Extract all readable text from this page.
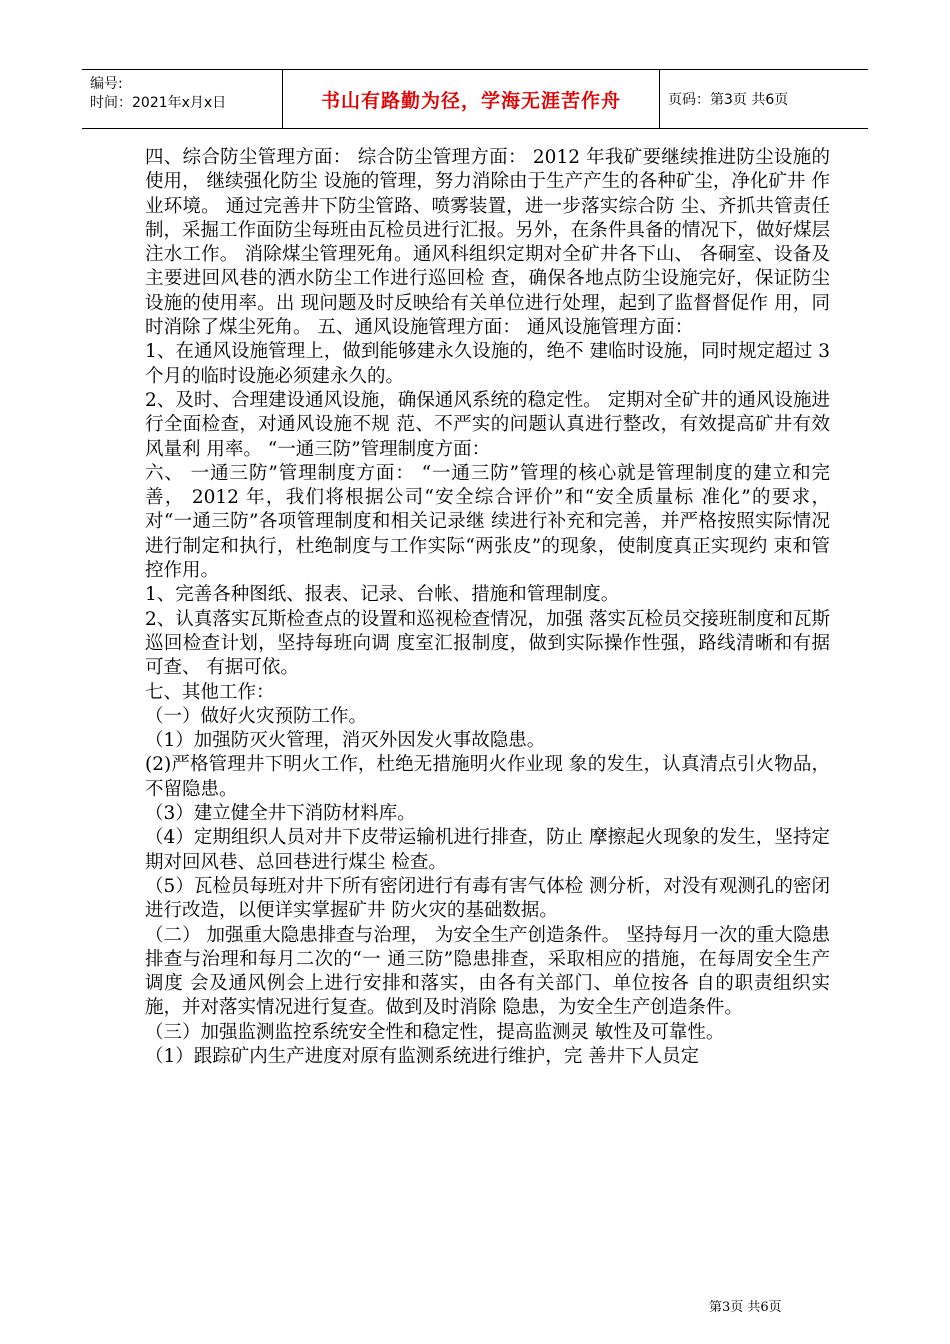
编号:
时间：2021年x月x日	书山有路勤为径，学海无涯苦作舟	页码：第3页 共6页

四、综合防尘管理方面： 综合防尘管理方面： 2012 年我矿要继续推进防尘设施的使用， 继续强化防尘 设施的管理，努力消除由于生产产生的各种矿尘，净化矿井 作业环境。 通过完善井下防尘管路、喷雾装置，进一步落实综合防 尘、齐抓共管责任制，采掘工作面防尘每班由瓦检员进行汇报。另外，在条件具备的情况下，做好煤层注水工作。 消除煤尘管理死角。通风科组织定期对全矿井各下山、 各硐室、设备及主要进回风巷的洒水防尘工作进行巡回检 查，确保各地点防尘设施完好，保证防尘设施的使用率。出 现问题及时反映给有关单位进行处理，起到了监督督促作 用，同时消除了煤尘死角。 五、通风设施管理方面： 通风设施管理方面：

1、在通风设施管理上，做到能够建永久设施的，绝不 建临时设施，同时规定超过 3 个月的临时设施必须建永久的。

2、及时、合理建设通风设施，确保通风系统的稳定性。 定期对全矿井的通风设施进行全面检查，对通风设施不规 范、不严实的问题认真进行整改，有效提高矿井有效风量利 用率。 “一通三防”管理制度方面：

六、 一通三防”管理制度方面： “一通三防”管理的核心就是管理制度的建立和完善， 2012 年，我们将根据公司“安全综合评价”和“安全质量标 准化”的要求，对“一通三防”各项管理制度和相关记录继 续进行补充和完善，并严格按照实际情况进行制定和执行，杜绝制度与工作实际“两张皮”的现象，使制度真正实现约 束和管控作用。

1、完善各种图纸、报表、记录、台帐、措施和管理制度。

2、认真落实瓦斯检查点的设置和巡视检查情况，加强 落实瓦检员交接班制度和瓦斯巡回检查计划，坚持每班向调 度室汇报制度，做到实际操作性强，路线清晰和有据可查、 有据可依。

七、其他工作：

（一）做好火灾预防工作。

（1）加强防灭火管理，消灭外因发火事故隐患。

(2)严格管理井下明火工作，杜绝无措施明火作业现 象的发生，认真清点引火物品，不留隐患。

（3）建立健全井下消防材料库。

（4）定期组织人员对井下皮带运输机进行排查，防止 摩擦起火现象的发生，坚持定期对回风巷、总回巷进行煤尘 检查。

（5）瓦检员每班对井下所有密闭进行有毒有害气体检 测分析，对没有观测孔的密闭进行改造，以便详实掌握矿井 防火灾的基础数据。

（二） 加强重大隐患排查与治理， 为安全生产创造条件。 坚持每月一次的重大隐患排查与治理和每月二次的“一 通三防”隐患排查，采取相应的措施，在每周安全生产调度 会及通风例会上进行安排和落实，由各有关部门、单位按各 自的职责组织实施，并对落实情况进行复查。做到及时消除 隐患，为安全生产创造条件。

（三）加强监测监控系统安全性和稳定性，提高监测灵 敏性及可靠性。

（1）跟踪矿内生产进度对原有监测系统进行维护，完 善井下人员定

第3页 共6页
